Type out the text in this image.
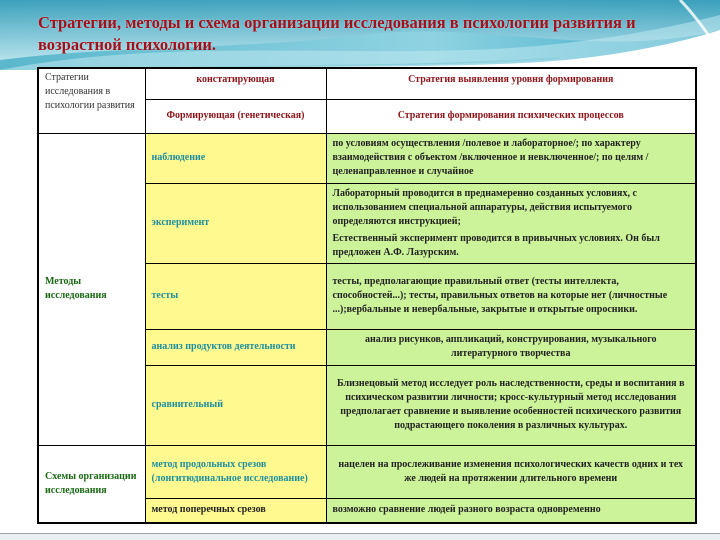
Стратегии, методы и схема организации исследования в психологии развития и возрастной психологии.
Стратегии исследования в психологии развития	констатирующая	Стратегия выявления уровня формирования
	Формирующая (генетическая)	Стратегия формирования психических процессов
Методы исследования	наблюдение	по условиям осуществления /полевое и лабораторное/; по характеру взаимодействия с объектом /включенное и невключенное/; по целям /целенаправленное и случайное
	эксперимент	Лабораторный проводится в преднамеренно созданных условиях, с использованием специальной аппаратуры, действия испытуемого определяются инструкцией;
Естественный эксперимент проводится в привычных условиях. Он был предложен А.Ф. Лазурским.

	тесты	тесты, предполагающие правильный ответ (тесты интеллекта, способностей...); тесты, правильных ответов на которые нет (личностные ...);вербальные и невербальные, закрытые и открытые опросники.
	анализ продуктов деятельности	анализ рисунков, аппликаций, конструирования, музыкального литературного творчества
	сравнительный	Близнецовый метод исследует роль наследственности, среды и воспитания в психическом развитии личности; кросс-культурный метод исследования предполагает сравнение и выявление особенностей психического развития подрастающего поколения в различных культурах.
Схемы организации исследования	метод продольных срезов (лонгитюдинальное исследование)	нацелен на прослеживание изменения психологических качеств одних и тех же людей на протяжении длительного времени
	метод поперечных срезов	возможно сравнение людей разного возраста одновременно
